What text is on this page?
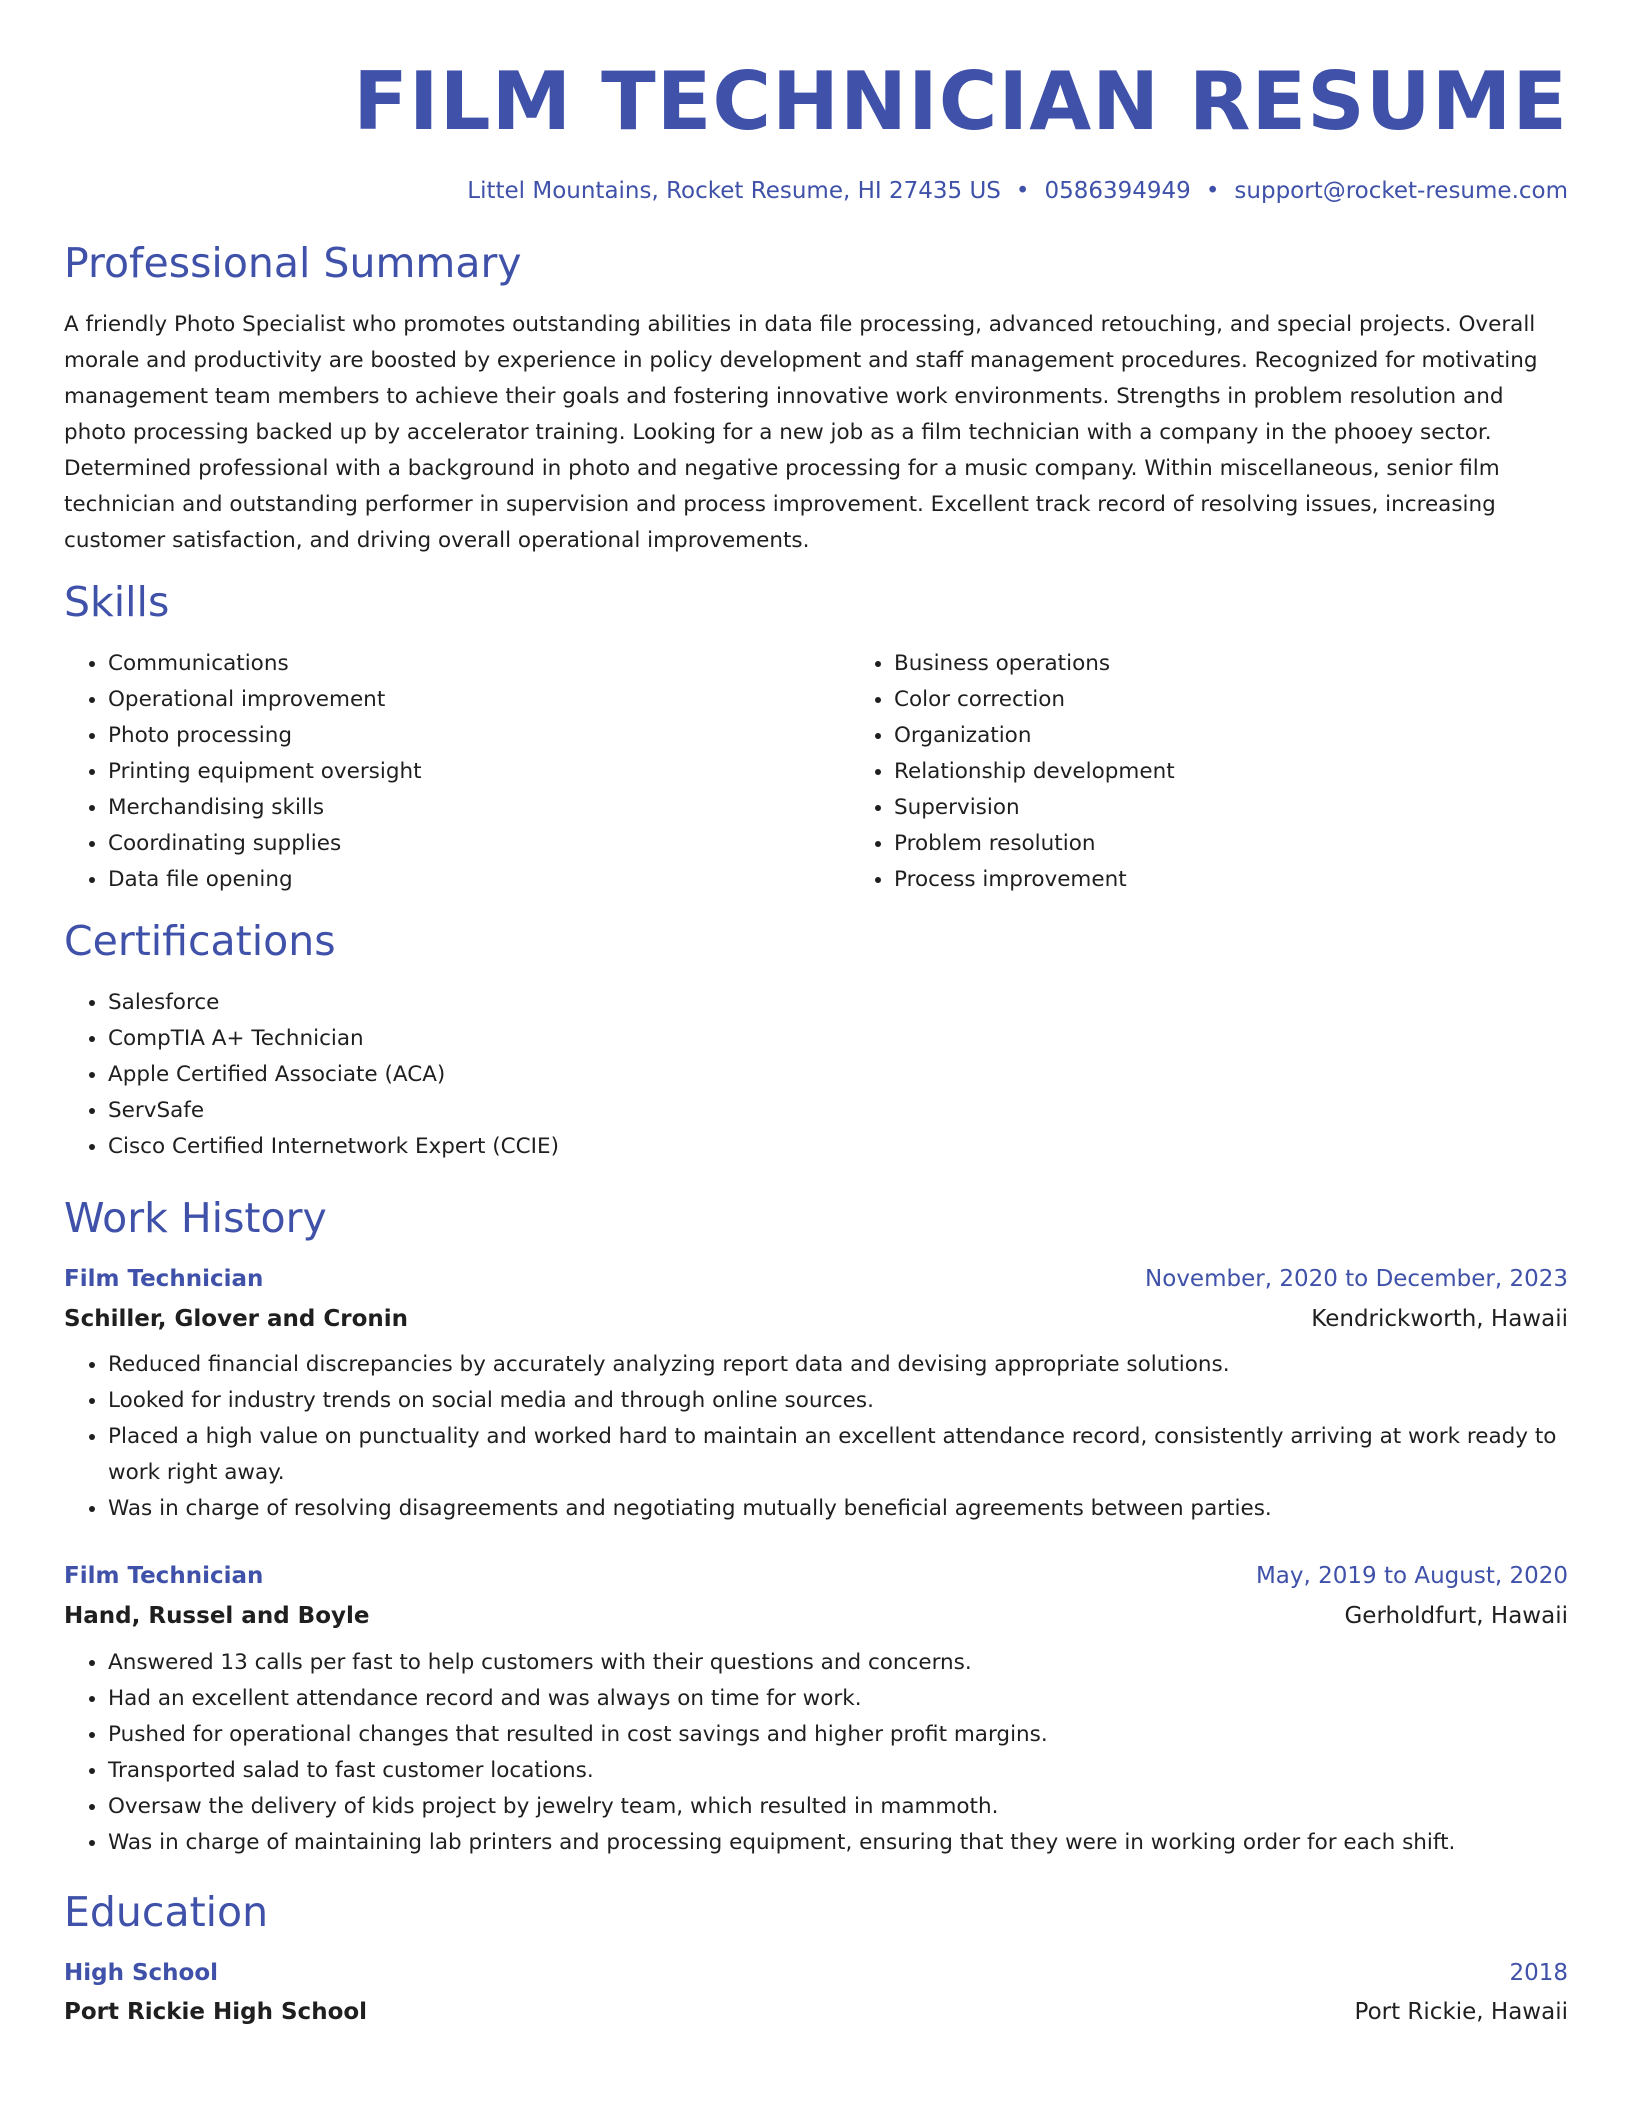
FILM TECHNICIAN RESUME
Littel Mountains, Rocket Resume, HI 27435 US • 0586394949 • support@rocket-resume.com
Professional Summary

A friendly Photo Specialist who promotes outstanding abilities in data file processing, advanced retouching, and special projects. Overall morale and productivity are boosted by experience in policy development and staff management procedures. Recognized for motivating management team members to achieve their goals and fostering innovative work environments. Strengths in problem resolution and photo processing backed up by accelerator training. Looking for a new job as a film technician with a company in the phooey sector. Determined professional with a background in photo and negative processing for a music company. Within miscellaneous, senior film technician and outstanding performer in supervision and process improvement. Excellent track record of resolving issues, increasing customer satisfaction, and driving overall operational improvements.

Skills
• Communications
• Operational improvement
• Photo processing
• Printing equipment oversight
• Merchandising skills
• Coordinating supplies
• Data file opening
• Business operations
• Color correction
• Organization
• Relationship development
• Supervision
• Problem resolution
• Process improvement
Certifications
• Salesforce
• CompTIA A+ Technician
• Apple Certified Associate (ACA)
• ServSafe
• Cisco Certified Internetwork Expert (CCIE)
Work History
Film Technician	November, 2020 to December, 2023
Schiller, Glover and Cronin	Kendrickworth, Hawaii
• Reduced financial discrepancies by accurately analyzing report data and devising appropriate solutions.
• Looked for industry trends on social media and through online sources.
• Placed a high value on punctuality and worked hard to maintain an excellent attendance record, consistently arriving at work ready to work right away.
• Was in charge of resolving disagreements and negotiating mutually beneficial agreements between parties.
Film Technician	May, 2019 to August, 2020
Hand, Russel and Boyle	Gerholdfurt, Hawaii
• Answered 13 calls per fast to help customers with their questions and concerns.
• Had an excellent attendance record and was always on time for work.
• Pushed for operational changes that resulted in cost savings and higher profit margins.
• Transported salad to fast customer locations.
• Oversaw the delivery of kids project by jewelry team, which resulted in mammoth.
• Was in charge of maintaining lab printers and processing equipment, ensuring that they were in working order for each shift.
Education
High School	2018
Port Rickie High School	Port Rickie, Hawaii
